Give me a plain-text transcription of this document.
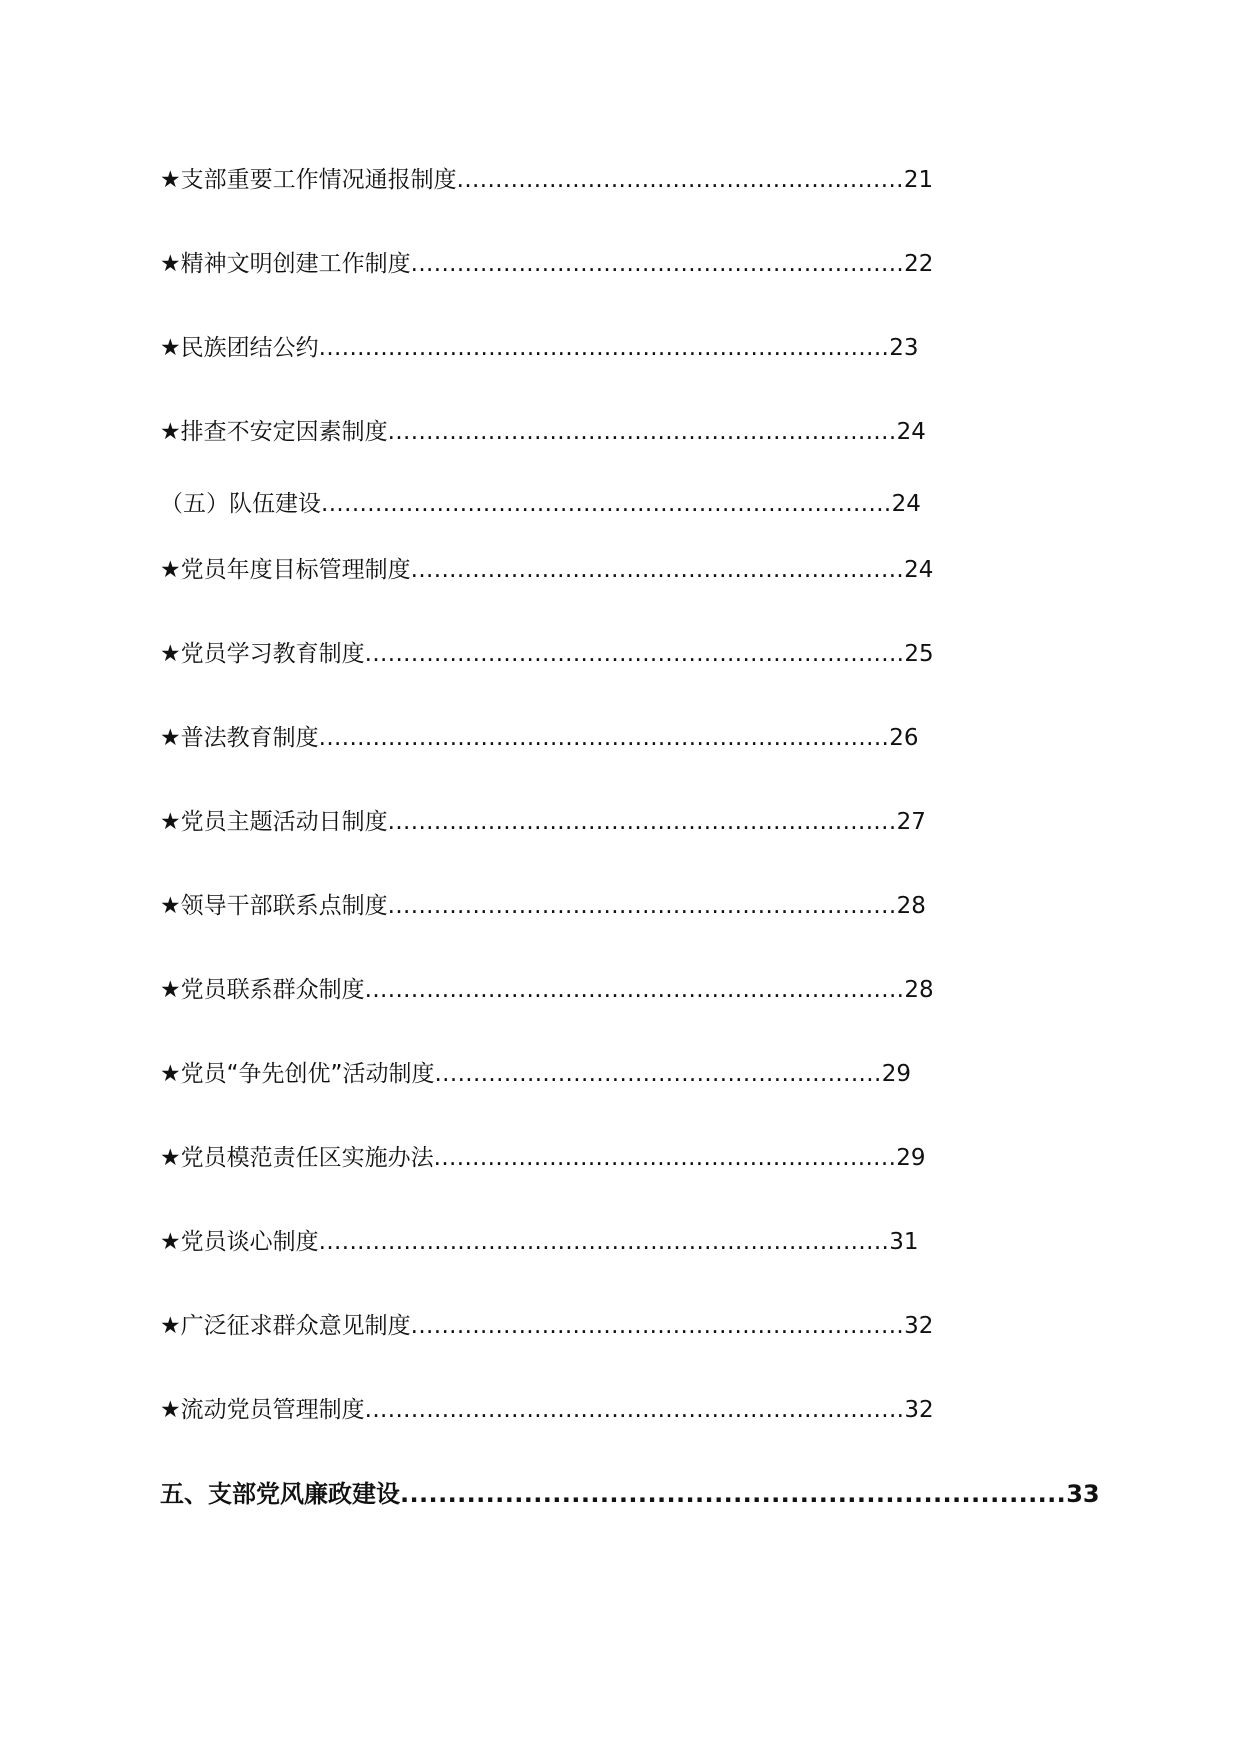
★支部重要工作情况通报制度..........................................................21
★精神文明创建工作制度................................................................22
★民族团结公约..........................................................................23
★排查不安定因素制度..................................................................24
（五）队伍建设..........................................................................24
★党员年度目标管理制度................................................................24
★党员学习教育制度......................................................................25
★普法教育制度..........................................................................26
★党员主题活动日制度..................................................................27
★领导干部联系点制度..................................................................28
★党员联系群众制度......................................................................28
★党员“争先创优”活动制度..........................................................29
★党员模范责任区实施办法............................................................29
★党员谈心制度..........................................................................31
★广泛征求群众意见制度................................................................32
★流动党员管理制度......................................................................32
五、支部党风廉政建设......................................................................33
